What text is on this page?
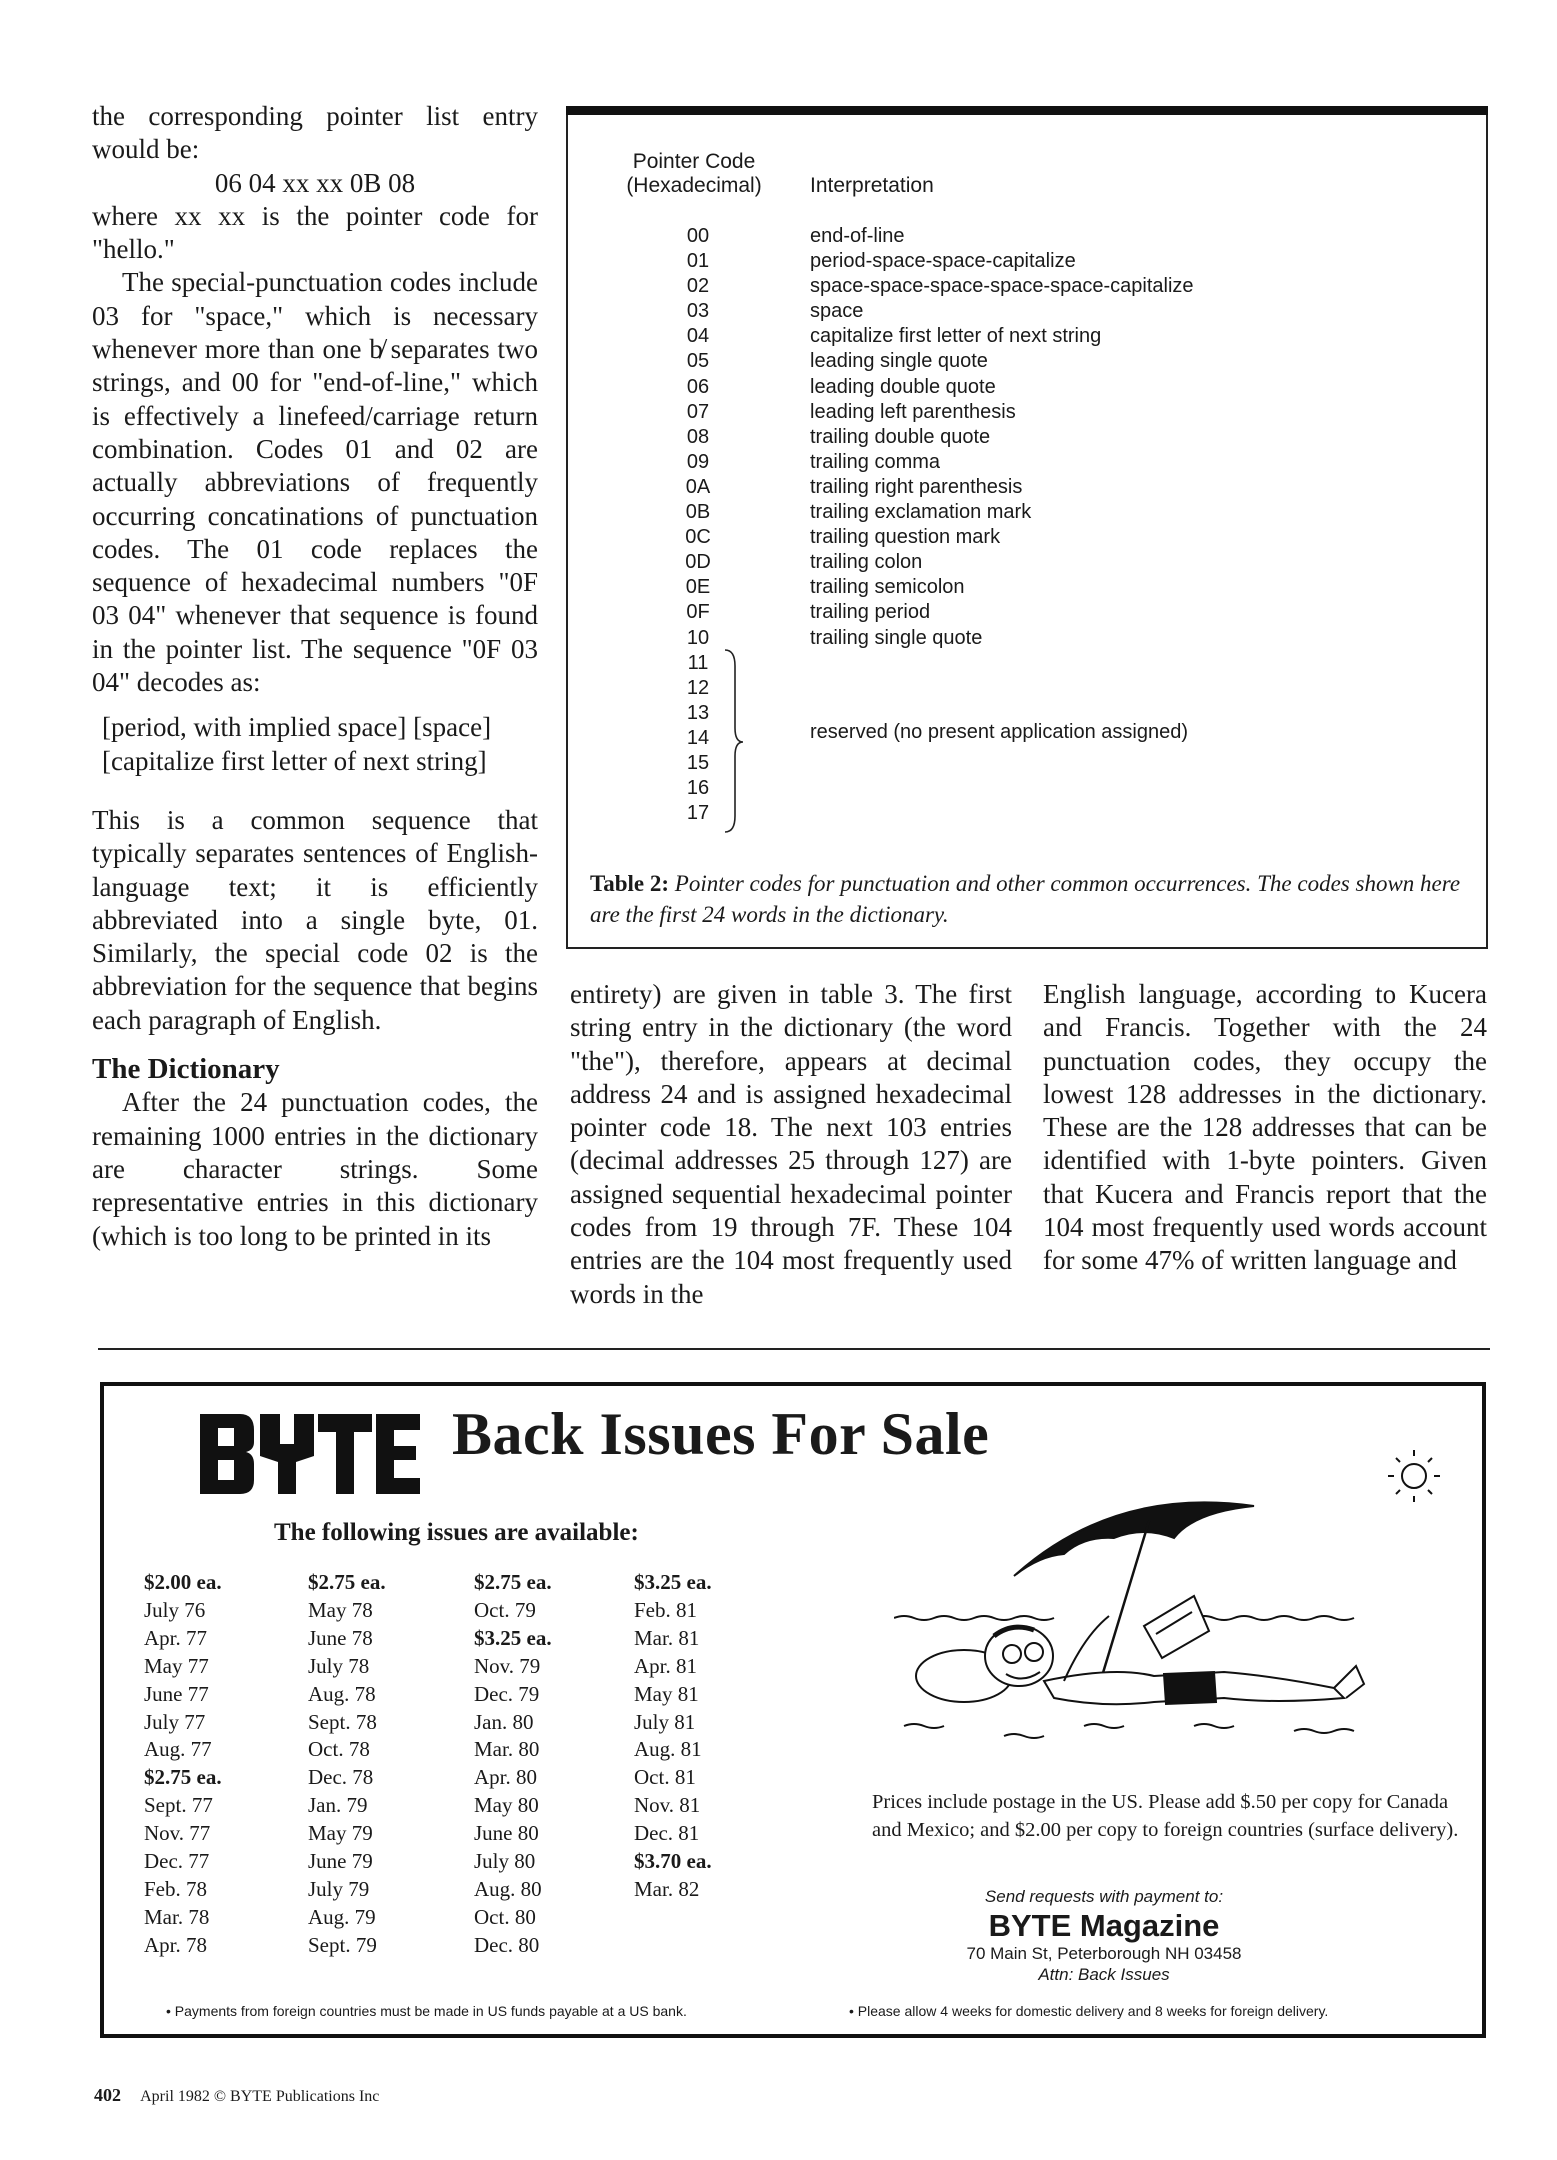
the corresponding pointer list entry would be:

06 04 xx xx 0B 08

where xx xx is the pointer code for "hello."

The special-punctuation codes include 03 for "space," which is necessary whenever more than one b̸ separates two strings, and 00 for "end-of-line," which is effectively a linefeed/carriage return combination. Codes 01 and 02 are actually abbreviations of frequently occurring concatinations of punctuation codes. The 01 code replaces the sequence of hexadecimal numbers "0F 03 04" whenever that sequence is found in the pointer list. The sequence "0F 03 04" decodes as:

[period, with implied space] [space]

[capitalize first letter of next string]

This is a common sequence that typically separates sentences of English-language text; it is efficiently abbreviated into a single byte, 01. Similarly, the special code 02 is the abbreviation for the sequence that begins each paragraph of English.

The Dictionary

After the 24 punctuation codes, the remaining 1000 entries in the dictionary are character strings. Some representative entries in this dictionary (which is too long to be printed in its

Pointer Code
(Hexadecimal)	Interpretation
00
01
02
03
04
05
06
07
08
09
0A
0B
0C
0D
0E
0F
10
11
12
13
14
15
16
17
end-of-line
period-space-space-capitalize
space-space-space-space-space-capitalize
space
capitalize first letter of next string
leading single quote
leading double quote
leading left parenthesis
trailing double quote
trailing comma
trailing right parenthesis
trailing exclamation mark
trailing question mark
trailing colon
trailing semicolon
trailing period
trailing single quote
reserved (no present application assigned)
Table 2: Pointer codes for punctuation and other common occurrences. The codes shown here are the first 24 words in the dictionary.

entirety) are given in table 3. The first string entry in the dictionary (the word "the"), therefore, appears at decimal address 24 and is assigned hexadecimal pointer code 18. The next 103 entries (decimal addresses 25 through 127) are assigned sequential hexadecimal pointer codes from 19 through 7F. These 104 entries are the 104 most frequently used words in the

English language, according to Kucera and Francis. Together with the 24 punctuation codes, they occupy the lowest 128 addresses in the dictionary. These are the 128 addresses that can be identified with 1-byte pointers. Given that Kucera and Francis report that the 104 most frequently used words account for some 47% of written language and

Back Issues For Sale
The following issues are available:
$2.00 ea.
July 76
Apr. 77
May 77
June 77
July 77
Aug. 77
$2.75 ea.
Sept. 77
Nov. 77
Dec. 77
Feb. 78
Mar. 78
Apr. 78
$2.75 ea.
May 78
June 78
July 78
Aug. 78
Sept. 78
Oct. 78
Dec. 78
Jan. 79
May 79
June 79
July 79
Aug. 79
Sept. 79
$2.75 ea.
Oct. 79
$3.25 ea.
Nov. 79
Dec. 79
Jan. 80
Mar. 80
Apr. 80
May 80
June 80
July 80
Aug. 80
Oct. 80
Dec. 80
$3.25 ea.
Feb. 81
Mar. 81
Apr. 81
May 81
July 81
Aug. 81
Oct. 81
Nov. 81
Dec. 81
$3.70 ea.
Mar. 82
Prices include postage in the US. Please add $.50 per copy for Canada and Mexico; and $2.00 per copy to foreign countries (surface delivery).
Send requests with payment to:
BYTE Magazine
70 Main St, Peterborough NH 03458
Attn: Back Issues
• Payments from foreign countries must be made in US funds payable at a US bank.	• Please allow 4 weeks for domestic delivery and 8 weeks for foreign delivery.
402 April 1982 © BYTE Publications Inc
